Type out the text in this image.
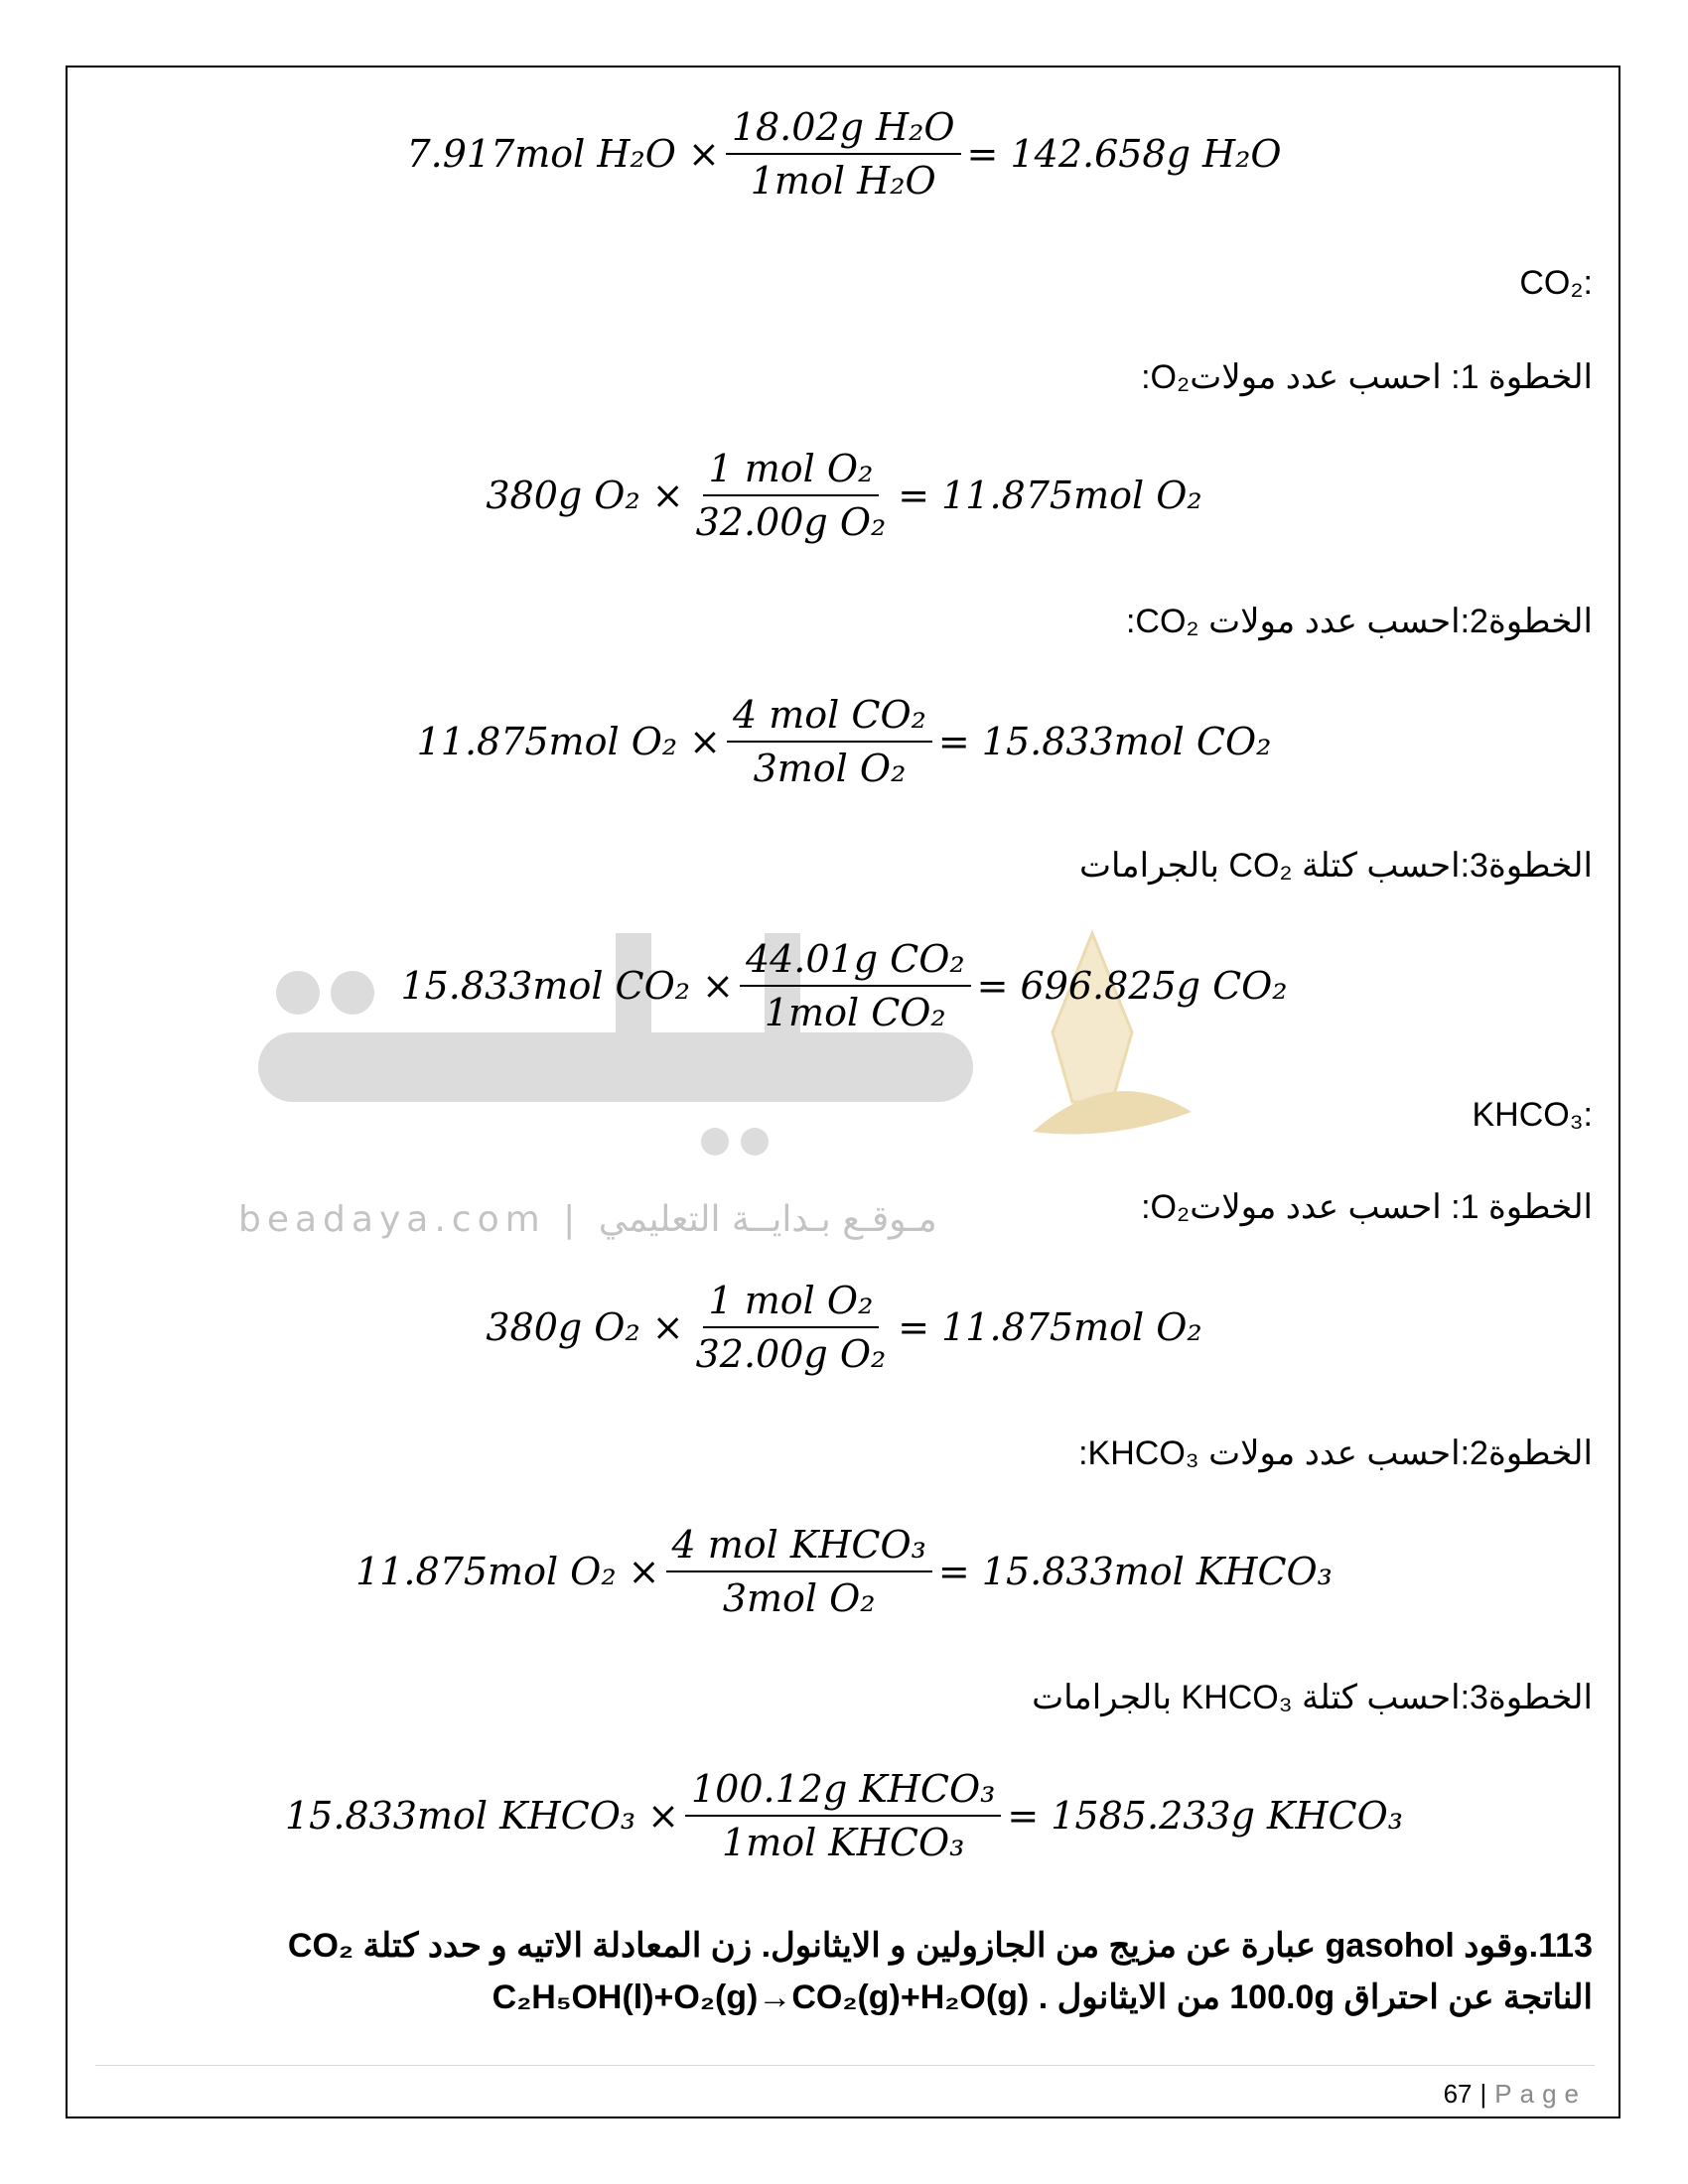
beadaya.com | مـوقـع بـدايــة التعليمي
7.917mol $H_2O \times \frac{\text{18.02g H₂O}}{\text{1mol H₂O}} = 142.658g$ H₂O
:CO₂
الخطوة 1: احسب عدد مولاتO₂:
380g $O_2 \times \frac{\text{1 mol O₂}}{\text{32.00g O₂}} = 11.875mol$ O₂
الخطوة2:احسب عدد مولات CO₂:
11.875mol $O_2 \times \frac{\text{4 mol CO₂}}{\text{3mol O₂}} = 15.833mol$ CO₂
الخطوة3:احسب كتلة CO₂ بالجرامات
15.833mol $CO_2 \times \frac{\text{44.01g CO₂}}{\text{1mol CO₂}} = 696.825g$ CO₂
:KHCO₃
الخطوة 1: احسب عدد مولاتO₂:
380g $O_2 \times \frac{\text{1 mol O₂}}{\text{32.00g O₂}} = 11.875mol$ O₂
الخطوة2:احسب عدد مولات KHCO₃:
11.875mol $O_2 \times \frac{\text{4 mol KHCO₃}}{\text{3mol O₂}} = 15.833mol$ KHCO₃
الخطوة3:احسب كتلة KHCO₃ بالجرامات
15.833mol KHCO₃ × $\frac{\text{100.12g KHCO₃}}{\text{1mol KHCO₃}} = 1585.233g$ KHCO₃
113.وقود gasohol عبارة عن مزيج من الجازولين و الايثانول. زن المعادلة الاتيه و حدد كتلة CO₂
الناتجة عن احتراق 100.0g من الايثانول . C₂H₅OH(l)+O₂(g)→CO₂(g)+H₂O(g)
67 | Page
